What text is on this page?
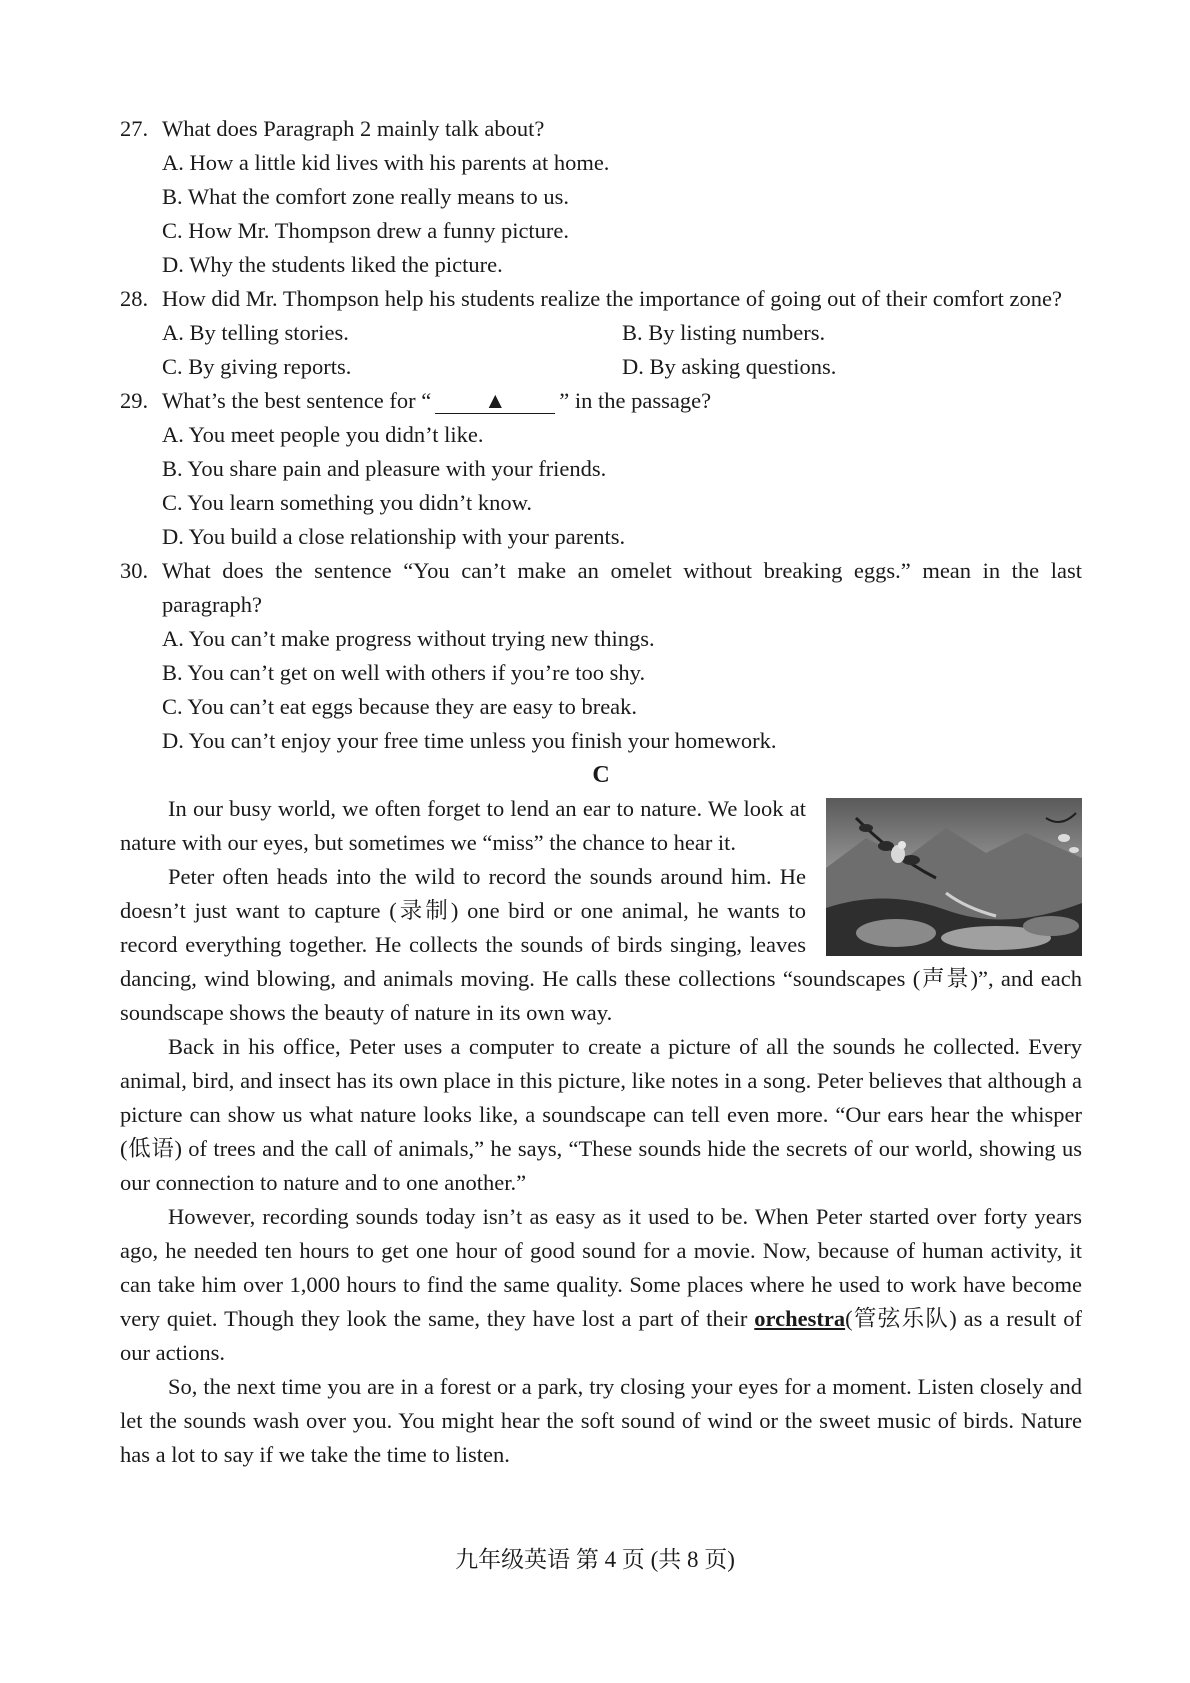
27. What does Paragraph 2 mainly talk about?
A. How a little kid lives with his parents at home.
B. What the comfort zone really means to us.
C. How Mr. Thompson drew a funny picture.
D. Why the students liked the picture.
28. How did Mr. Thompson help his students realize the importance of going out of their comfort zone?
A. By telling stories.	B. By listing numbers.
C. By giving reports.	D. By asking questions.
29. What’s the best sentence for “ ▲ ” in the passage?
A. You meet people you didn’t like.
B. You share pain and pleasure with your friends.
C. You learn something you didn’t know.
D. You build a close relationship with your parents.
30. What does the sentence “You can’t make an omelet without breaking eggs.” mean in the last paragraph?
A. You can’t make progress without trying new things.
B. You can’t get on well with others if you’re too shy.
C. You can’t eat eggs because they are easy to break.
D. You can’t enjoy your free time unless you finish your homework.
C

In our busy world, we often forget to lend an ear to nature. We look at nature with our eyes, but sometimes we “miss” the chance to hear it.

Peter often heads into the wild to record the sounds around him. He doesn’t just want to capture (录制) one bird or one animal, he wants to record everything together. He collects the sounds of birds singing, leaves dancing, wind blowing, and animals moving. He calls these collections “soundscapes (声景)”, and each soundscape shows the beauty of nature in its own way.

Back in his office, Peter uses a computer to create a picture of all the sounds he collected. Every animal, bird, and insect has its own place in this picture, like notes in a song. Peter believes that although a picture can show us what nature looks like, a soundscape can tell even more. “Our ears hear the whisper (低语) of trees and the call of animals,” he says, “These sounds hide the secrets of our world, showing us our connection to nature and to one another.”

However, recording sounds today isn’t as easy as it used to be. When Peter started over forty years ago, he needed ten hours to get one hour of good sound for a movie. Now, because of human activity, it can take him over 1,000 hours to find the same quality. Some places where he used to work have become very quiet. Though they look the same, they have lost a part of their orchestra(管弦乐队) as a result of our actions.

So, the next time you are in a forest or a park, try closing your eyes for a moment. Listen closely and let the sounds wash over you. You might hear the soft sound of wind or the sweet music of birds. Nature has a lot to say if we take the time to listen.

九年级英语 第 4 页 (共 8 页)
